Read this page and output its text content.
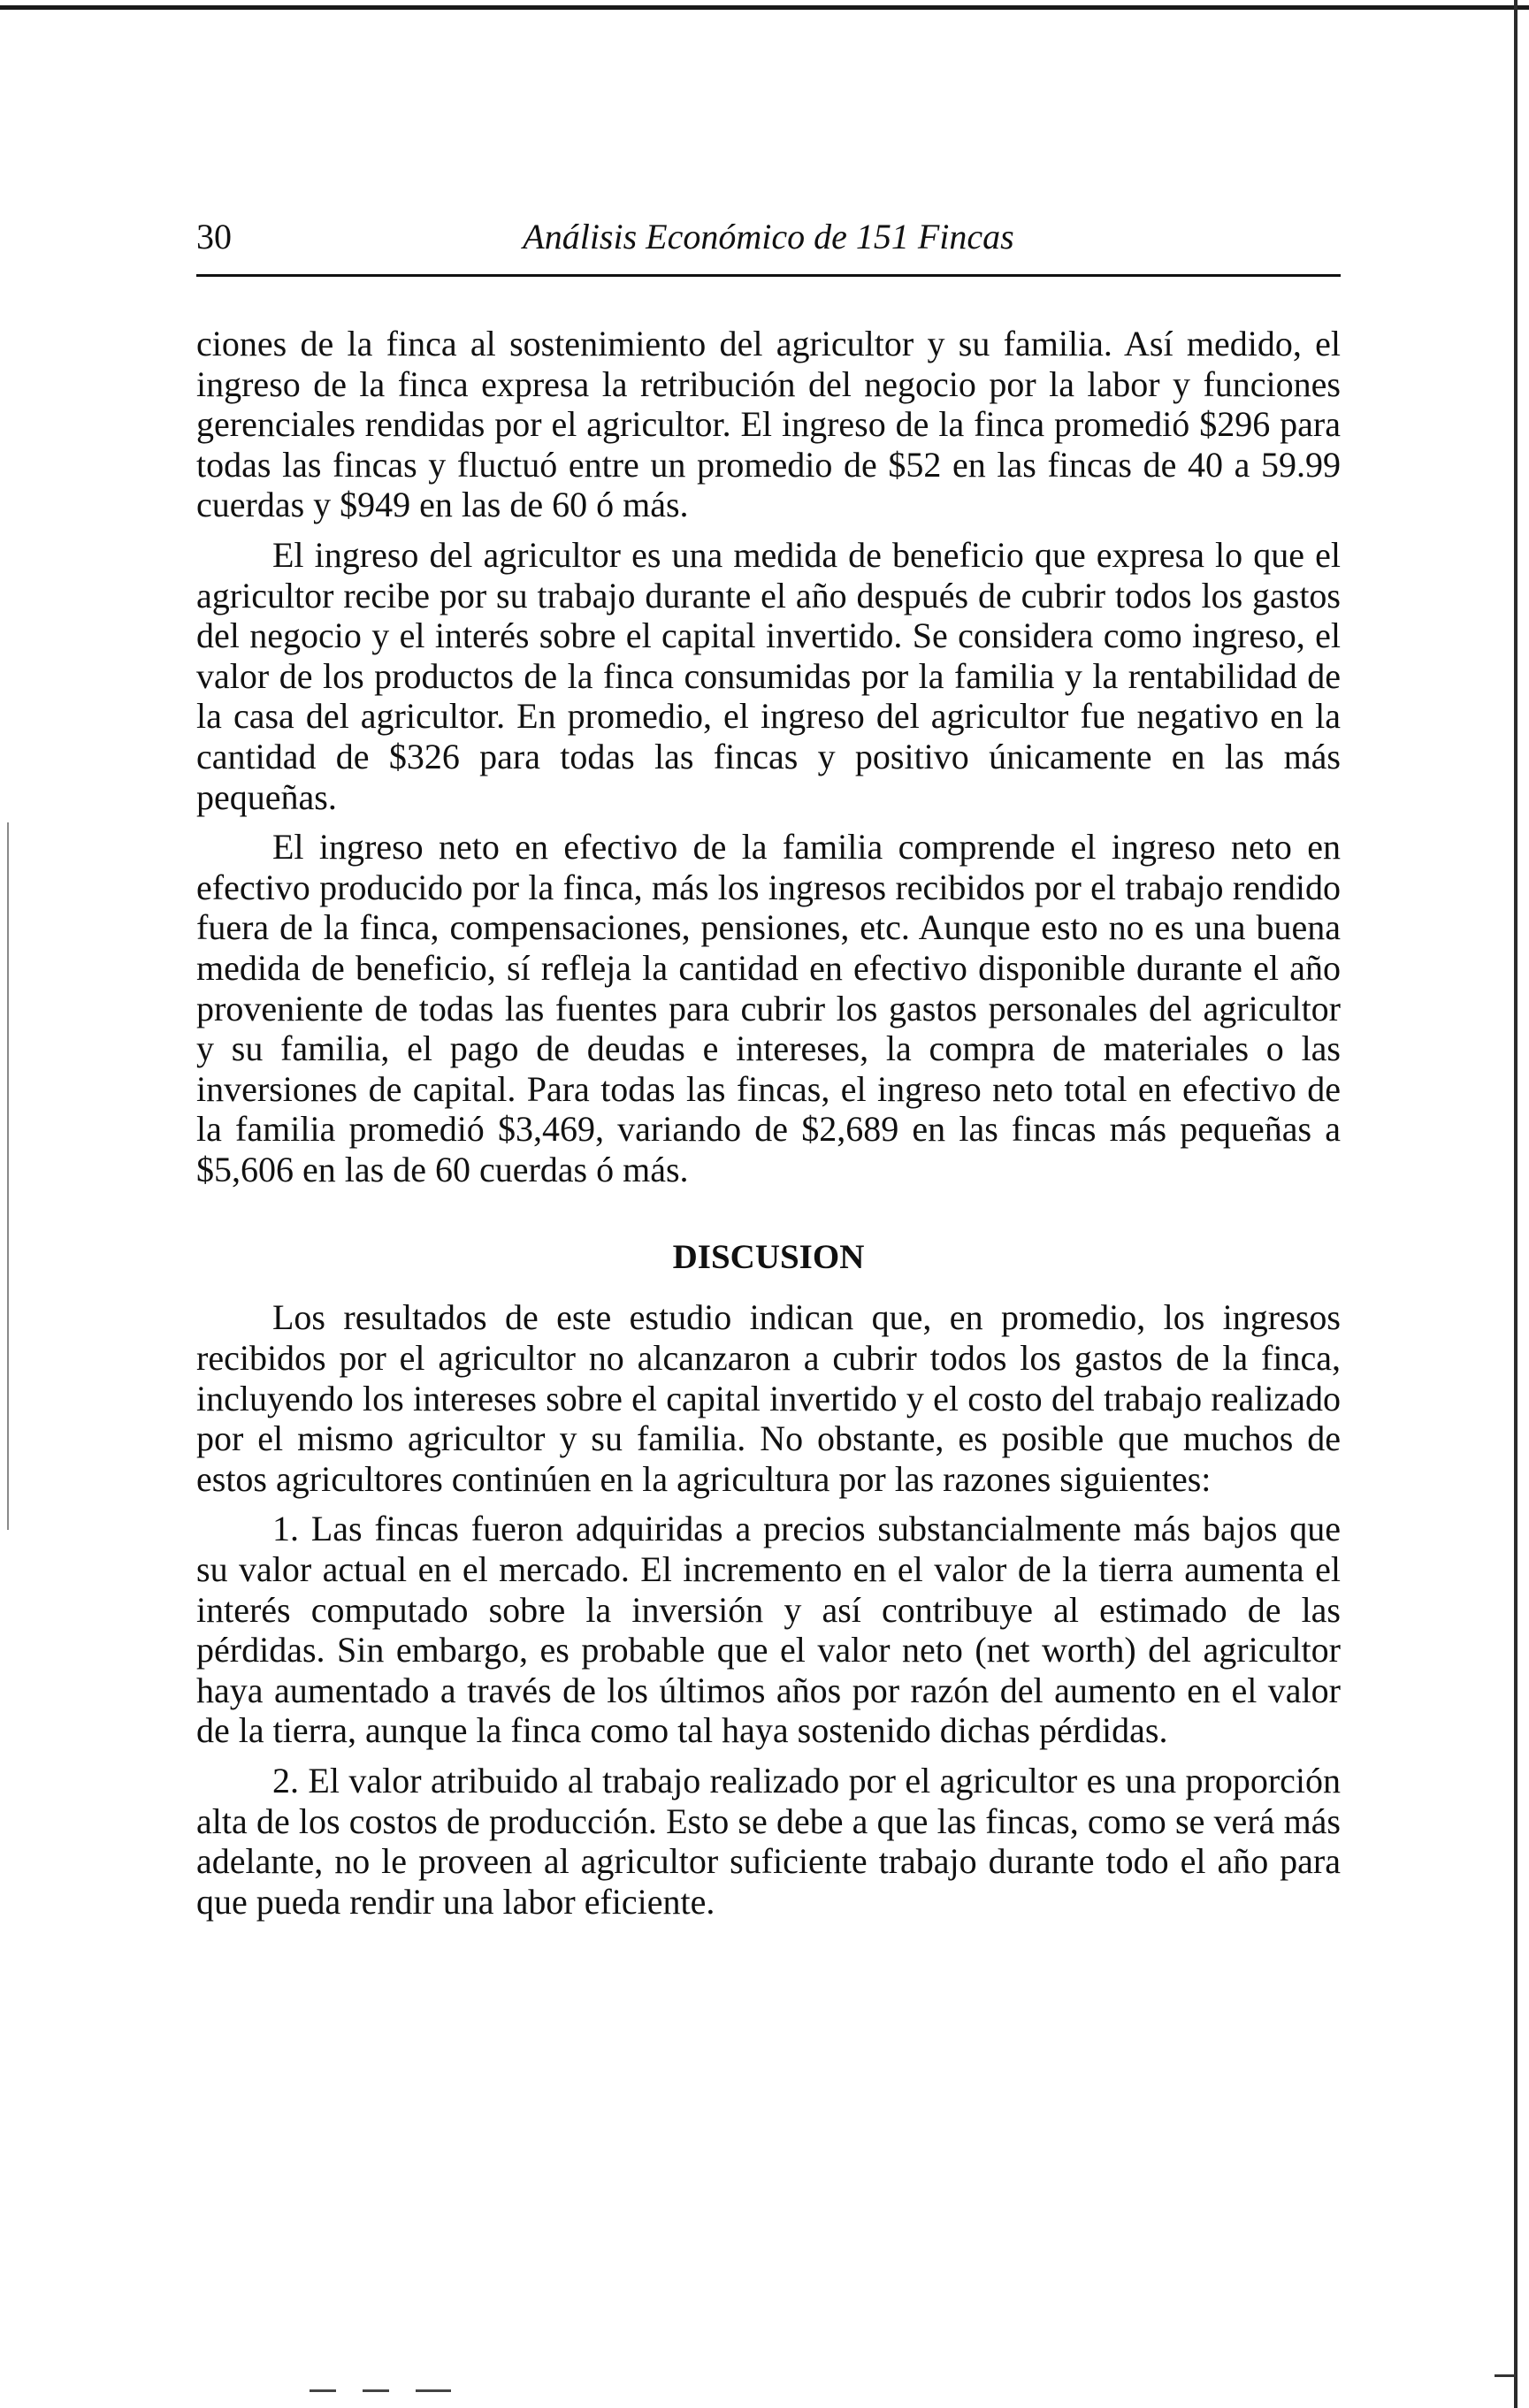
30	Análisis Económico de 151 Fincas

ciones de la finca al sostenimiento del agricultor y su familia. Así medido, el ingreso de la finca expresa la retribución del negocio por la labor y funciones gerenciales rendidas por el agricultor. El ingreso de la finca promedió $296 para todas las fincas y fluctuó entre un promedio de $52 en las fincas de 40 a 59.99 cuerdas y $949 en las de 60 ó más.

El ingreso del agricultor es una medida de beneficio que expresa lo que el agricultor recibe por su trabajo durante el año después de cubrir todos los gastos del negocio y el interés sobre el capital invertido. Se considera como ingreso, el valor de los productos de la finca consumidas por la familia y la rentabilidad de la casa del agricultor. En promedio, el ingreso del agricultor fue negativo en la cantidad de $326 para todas las fincas y positivo únicamente en las más pequeñas.

El ingreso neto en efectivo de la familia comprende el ingreso neto en efectivo producido por la finca, más los ingresos recibidos por el trabajo rendido fuera de la finca, compensaciones, pensiones, etc. Aunque esto no es una buena medida de beneficio, sí refleja la cantidad en efectivo disponible durante el año proveniente de todas las fuentes para cubrir los gastos personales del agricultor y su familia, el pago de deudas e intereses, la compra de materiales o las inversiones de capital. Para todas las fincas, el ingreso neto total en efectivo de la familia promedió $3,469, variando de $2,689 en las fincas más pequeñas a $5,606 en las de 60 cuerdas ó más.

DISCUSION

Los resultados de este estudio indican que, en promedio, los ingresos recibidos por el agricultor no alcanzaron a cubrir todos los gastos de la finca, incluyendo los intereses sobre el capital invertido y el costo del trabajo realizado por el mismo agricultor y su familia. No obstante, es posible que muchos de estos agricultores continúen en la agricultura por las razones siguientes:

1. Las fincas fueron adquiridas a precios substancialmente más bajos que su valor actual en el mercado. El incremento en el valor de la tierra aumenta el interés computado sobre la inversión y así contribuye al estimado de las pérdidas. Sin embargo, es probable que el valor neto (net worth) del agricultor haya aumentado a través de los últimos años por razón del aumento en el valor de la tierra, aunque la finca como tal haya sostenido dichas pérdidas.

2. El valor atribuido al trabajo realizado por el agricultor es una proporción alta de los costos de producción. Esto se debe a que las fincas, como se verá más adelante, no le proveen al agricultor suficiente trabajo durante todo el año para que pueda rendir una labor eficiente.
